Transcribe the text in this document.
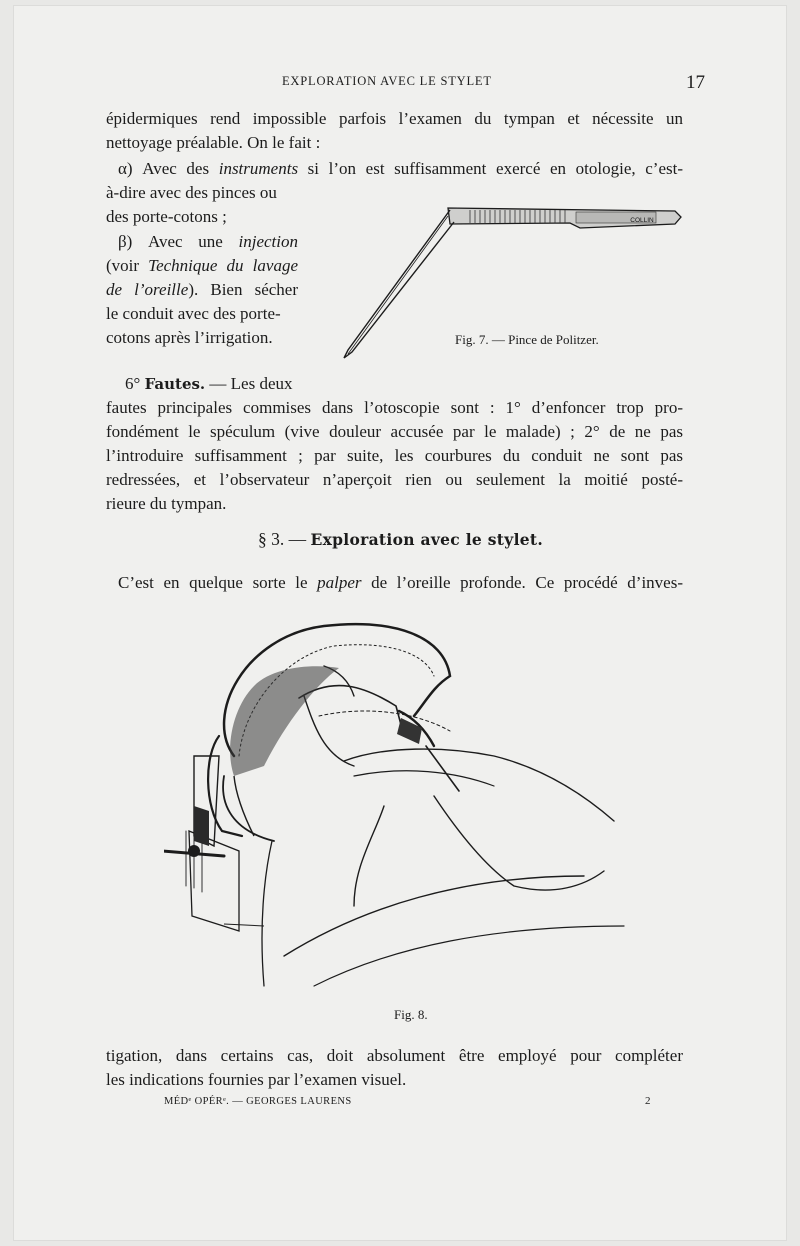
EXPLORATION AVEC LE STYLET	17
épidermiques rend impossible parfois l’examen du tympan et nécessite un
nettoyage préalable. On le fait :
α) Avec des instruments si l’on est suffisamment exercé en otologie, c’est-
à-dire avec des pinces ou
des porte-cotons ;
β) Avec une injection
(voir Technique du lavage
de l’oreille). Bien sécher
le conduit avec des porte-
cotons après l’irrigation.
COLLIN
Fig. 7. — Pince de Politzer.
6° Fautes. — Les deux
fautes principales commises dans l’otoscopie sont : 1° d’enfoncer trop pro-
fondément le spéculum (vive douleur accusée par le malade) ; 2° de ne pas
l’introduire suffisamment ; par suite, les courbures du conduit ne sont pas
redressées, et l’observateur n’aperçoit rien ou seulement la moitié posté-
rieure du tympan.
§ 3. — Exploration avec le stylet.
C’est en quelque sorte le palper de l’oreille profonde. Ce procédé d’inves-
Fig. 8.
tigation, dans certains cas, doit absolument être employé pour compléter
les indications fournies par l’examen visuel.
MÉDᵉ OPÉRᵉ. — GEORGES LAURENS	2
